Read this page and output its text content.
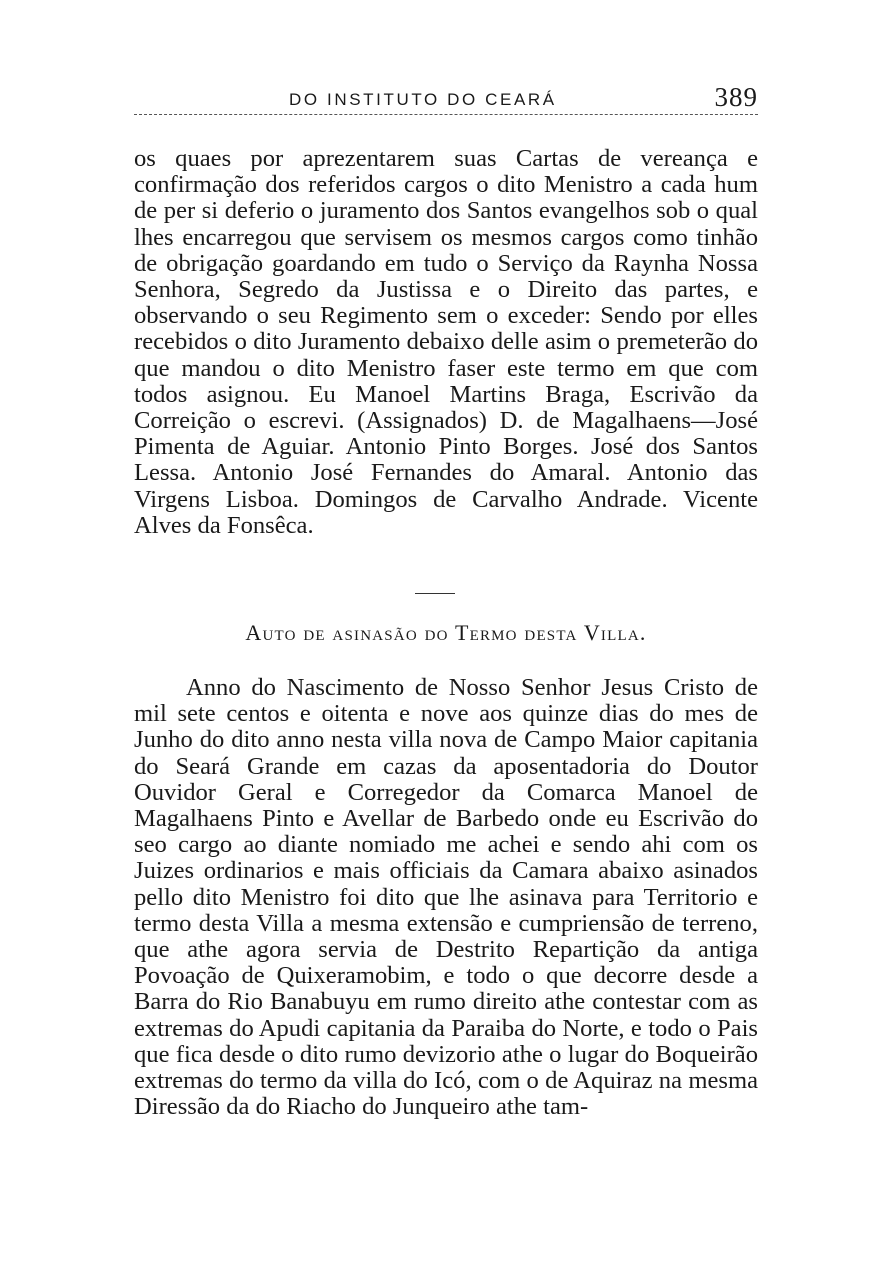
DO INSTITUTO DO CEARÁ	389

os quaes por aprezentarem suas Cartas de vereança e confirmação dos referidos cargos o dito Menistro a cada hum de per si deferio o juramento dos Santos evangelhos sob o qual lhes encarregou que servisem os mesmos cargos como tinhão de obrigação goardando em tudo o Serviço da Raynha Nossa Senhora, Segredo da Justissa e o Direito das partes, e observando o seu Regimento sem o exceder: Sendo por elles recebidos o dito Juramento debaixo delle asim o premeterão do que mandou o dito Menistro faser este termo em que com todos asignou. Eu Manoel Martins Braga, Escrivão da Correição o escrevi. (Assignados) D. de Magalhaens—José Pimenta de Aguiar. Antonio Pinto Borges. José dos Santos Lessa. Antonio José Fernandes do Amaral. Antonio das Virgens Lisboa. Domingos de Carvalho Andrade. Vicente Alves da Fonsêca.

Auto de asinasão do Termo desta Villa.

Anno do Nascimento de Nosso Senhor Jesus Cristo de mil sete centos e oitenta e nove aos quinze dias do mes de Junho do dito anno nesta villa nova de Campo Maior capitania do Seará Grande em cazas da aposentadoria do Doutor Ouvidor Geral e Corregedor da Comarca Manoel de Magalhaens Pinto e Avellar de Barbedo onde eu Escrivão do seo cargo ao diante nomiado me achei e sendo ahi com os Juizes ordinarios e mais officiais da Camara abaixo asinados pello dito Menistro foi dito que lhe asinava para Territorio e termo desta Villa a mesma extensão e cumpriensão de terreno, que athe agora servia de Destrito Repartição da antiga Povoação de Quixeramobim, e todo o que decorre desde a Barra do Rio Banabuyu em rumo direito athe contestar com as extremas do Apudi capitania da Paraiba do Norte, e todo o Pais que fica desde o dito rumo devizorio athe o lugar do Boqueirão extremas do termo da villa do Icó, com o de Aquiraz na mesma Diressão da do Riacho do Junqueiro athe tam-
